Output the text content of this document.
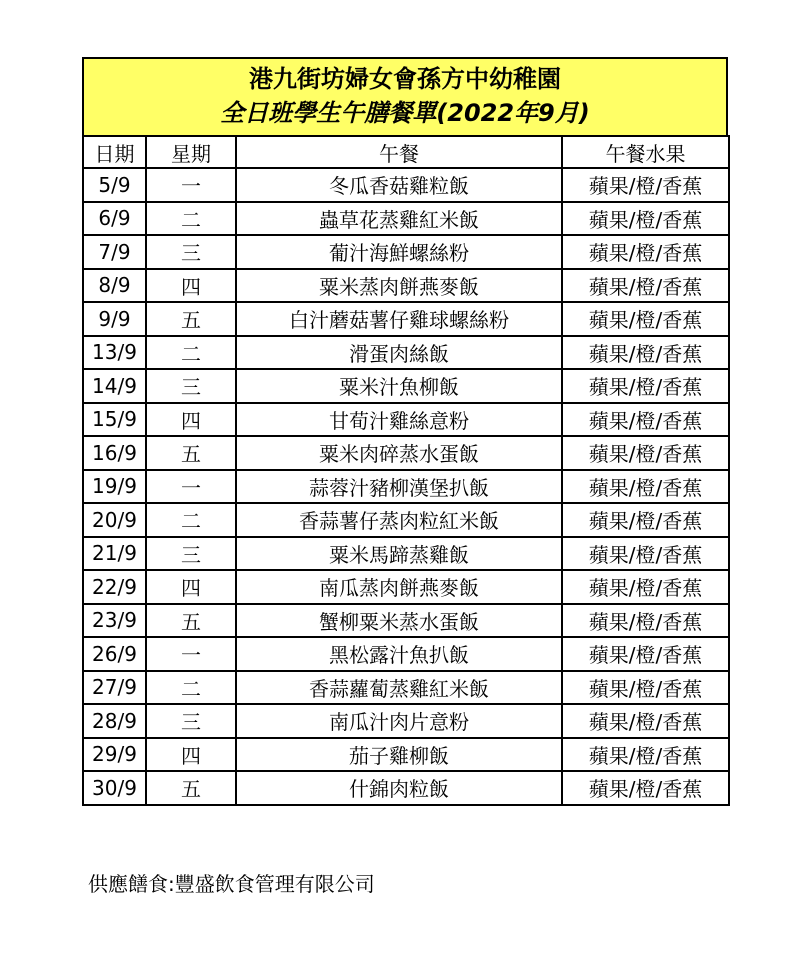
港九街坊婦女會孫方中幼稚園
全日班學生午膳餐單(2022年9月)
日期	星期	午餐	午餐水果
5/9	一	冬瓜香菇雞粒飯	蘋果/橙/香蕉
6/9	二	蟲草花蒸雞紅米飯	蘋果/橙/香蕉
7/9	三	葡汁海鮮螺絲粉	蘋果/橙/香蕉
8/9	四	粟米蒸肉餅燕麥飯	蘋果/橙/香蕉
9/9	五	白汁蘑菇薯仔雞球螺絲粉	蘋果/橙/香蕉
13/9	二	滑蛋肉絲飯	蘋果/橙/香蕉
14/9	三	粟米汁魚柳飯	蘋果/橙/香蕉
15/9	四	甘荀汁雞絲意粉	蘋果/橙/香蕉
16/9	五	粟米肉碎蒸水蛋飯	蘋果/橙/香蕉
19/9	一	蒜蓉汁豬柳漢堡扒飯	蘋果/橙/香蕉
20/9	二	香蒜薯仔蒸肉粒紅米飯	蘋果/橙/香蕉
21/9	三	粟米馬蹄蒸雞飯	蘋果/橙/香蕉
22/9	四	南瓜蒸肉餅燕麥飯	蘋果/橙/香蕉
23/9	五	蟹柳粟米蒸水蛋飯	蘋果/橙/香蕉
26/9	一	黑松露汁魚扒飯	蘋果/橙/香蕉
27/9	二	香蒜蘿蔔蒸雞紅米飯	蘋果/橙/香蕉
28/9	三	南瓜汁肉片意粉	蘋果/橙/香蕉
29/9	四	茄子雞柳飯	蘋果/橙/香蕉
30/9	五	什錦肉粒飯	蘋果/橙/香蕉
供應饍食:豐盛飲食管理有限公司
